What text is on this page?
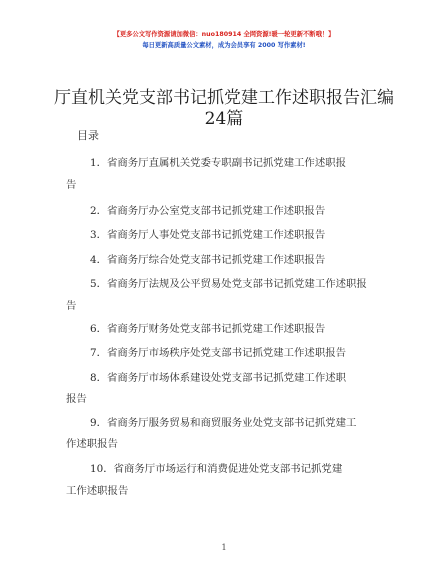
【更多公文写作资源请加微信：nuo180914 全网资源!暖一轮更新不断哦！】
每日更新高质量公文素材，成为会员享有 2000 写作素材!
厅直机关党支部书记抓党建工作述职报告汇编
24篇
目录
1．省商务厅直属机关党委专职副书记抓党建工作述职报
告
2．省商务厅办公室党支部书记抓党建工作述职报告
3．省商务厅人事处党支部书记抓党建工作述职报告
4．省商务厅综合处党支部书记抓党建工作述职报告
5．省商务厅法规及公平贸易处党支部书记抓党建工作述职报
告
6．省商务厅财务处党支部书记抓党建工作述职报告
7．省商务厅市场秩序处党支部书记抓党建工作述职报告
8．省商务厅市场体系建设处党支部书记抓党建工作述职
报告
9．省商务厅服务贸易和商贸服务业处党支部书记抓党建工
作述职报告
10．省商务厅市场运行和消费促进处党支部书记抓党建
工作述职报告
1
